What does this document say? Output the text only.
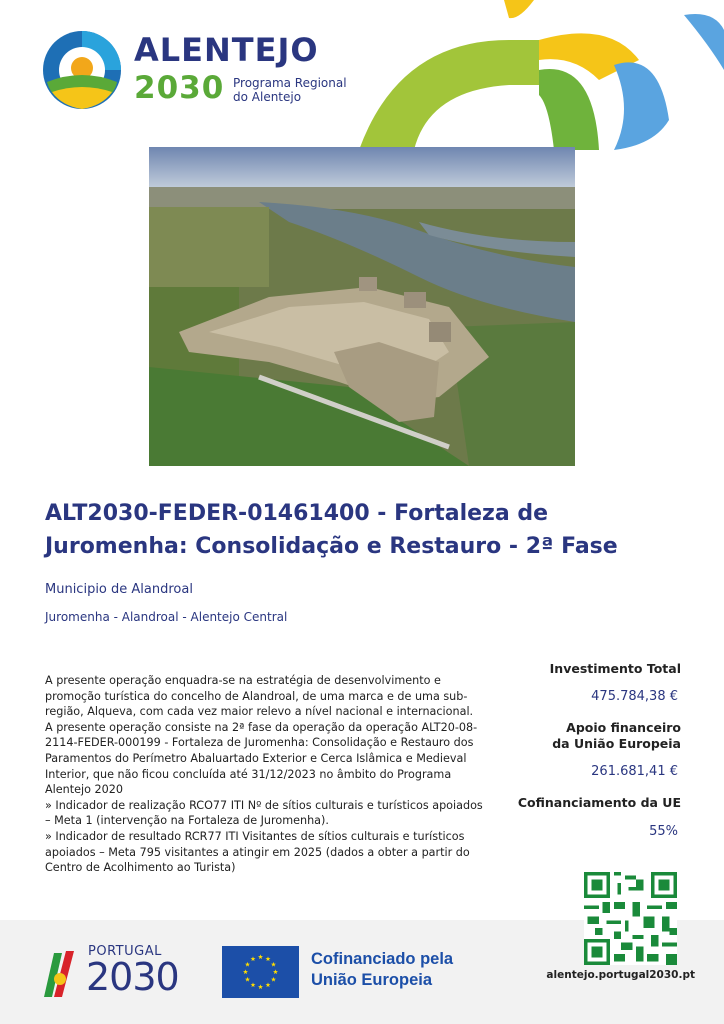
ALENTEJO
2030 Programa Regional
do Alentejo
ALT2030-FEDER-01461400 - Fortaleza de Juromenha: Consolidação e Restauro - 2ª Fase
Municipio de Alandroal
Juromenha - Alandroal - Alentejo Central

A presente operação enquadra-se na estratégia de desenvolvimento e promoção turística do concelho de Alandroal, de uma marca e de uma sub-região, Alqueva, com cada vez maior relevo a nível nacional e internacional.

A presente operação consiste na 2ª fase da operação da operação ALT20-08-2114-FEDER-000199 - Fortaleza de Juromenha: Consolidação e Restauro dos Paramentos do Perímetro Abaluartado Exterior e Cerca Islâmica e Medieval Interior, que não ficou concluída até 31/12/2023 no âmbito do Programa Alentejo 2020

» Indicador de realização RCO77 ITI Nº de sítios culturais e turísticos apoiados – Meta 1 (intervenção na Fortaleza de Juromenha).

» Indicador de resultado RCR77 ITI Visitantes de sítios culturais e turísticos apoiados – Meta 795 visitantes a atingir em 2025 (dados a obter a partir do Centro de Acolhimento ao Turista)

Investimento Total
475.784,38 €
Apoio financeiro
da União Europeia
261.681,41 €
Cofinanciamento da UE
55%
alentejo.portugal2030.pt
PORTUGAL
2030	Cofinanciado pela
União Europeia
